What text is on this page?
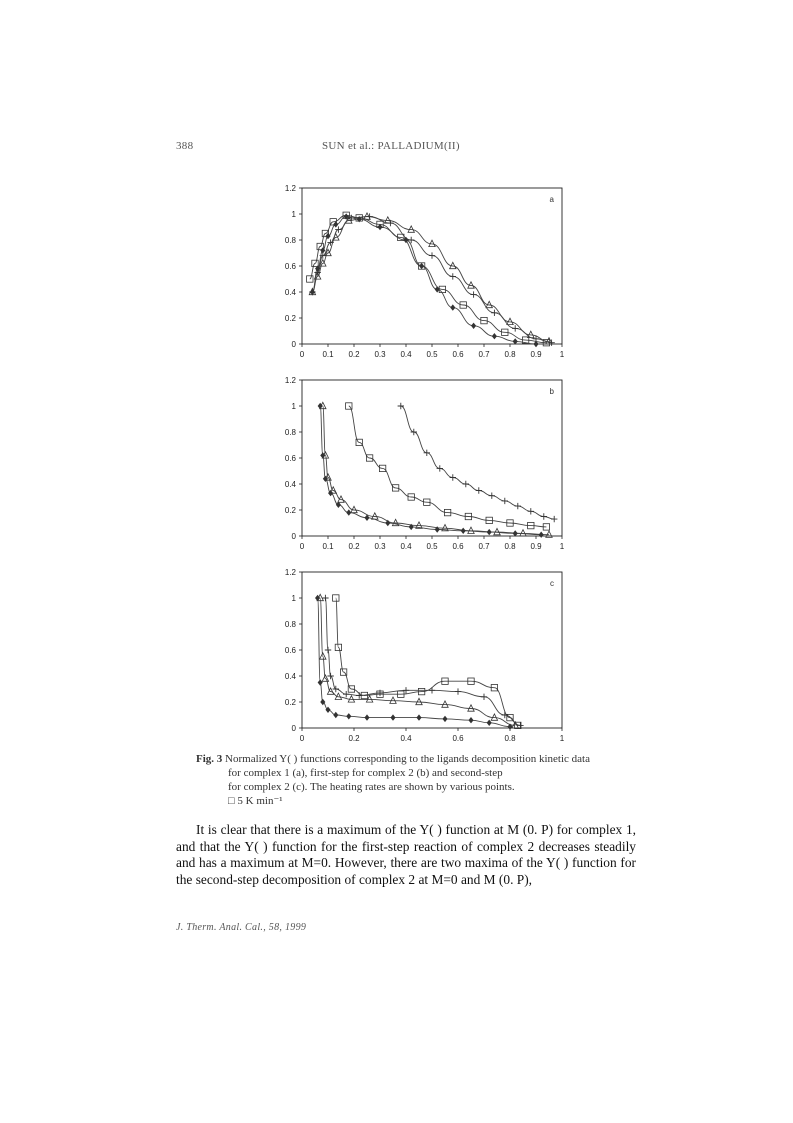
388	SUN et al.: PALLADIUM(II)
0
0.2
0.4
0.6
0.8
1
1.2
0 0.1 0.2 0.3 0.4 0.5 0.6 0.7 0.8 0.9 1
a
0
0.2
0.4
0.6
0.8
1
1.2
0 0.1 0.2 0.3 0.4 0.5 0.6 0.7 0.8 0.9 1
b
0
0.2
0.4
0.6
0.8
1
1.2
0	0.2	0.4	0.6	0.8	1
c
Fig. 3 Normalized Y( ) functions corresponding to the ligands decomposition kinetic data
for complex 1 (a), first-step for complex 2 (b) and second-step
for complex 2 (c). The heating rates are shown by various points.
□ 5 K min⁻¹

It is clear that there is a maximum of the Y( ) function at M (0. P) for complex 1, and that the Y( ) function for the first-step reaction of complex 2 decreases steadily and has a maximum at M=0. However, there are two maxima of the Y( ) function for the second-step decomposition of complex 2 at M=0 and M (0. P),

J. Therm. Anal. Cal., 58, 1999
